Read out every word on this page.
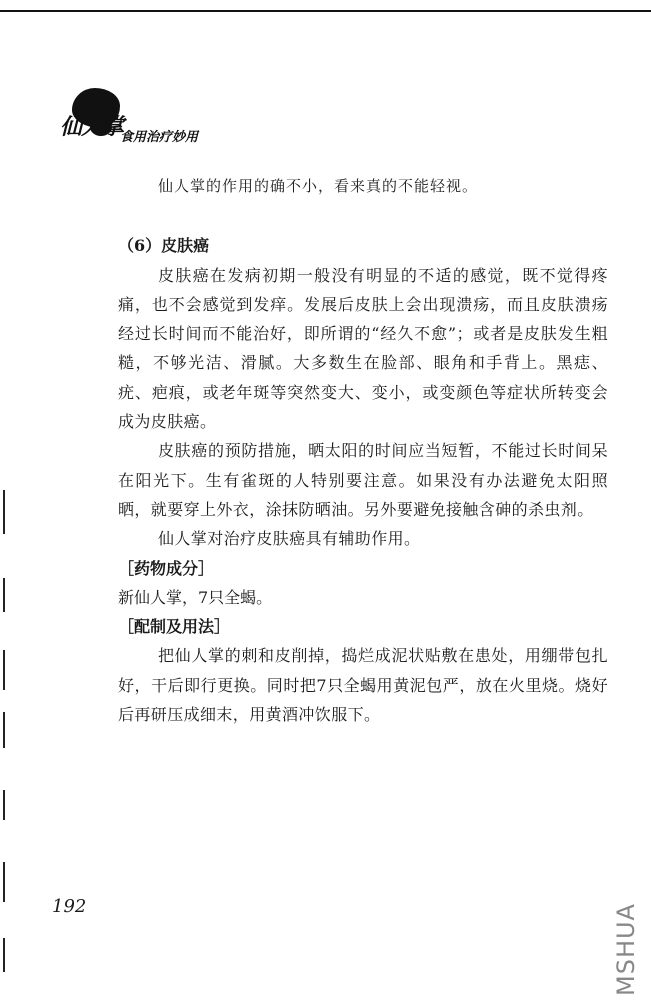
仙人掌
食用治疗妙用

仙人掌的作用的确不小，看来真的不能轻视。

（6）皮肤癌

皮肤癌在发病初期一般没有明显的不适的感觉，既不觉得疼痛，也不会感觉到发痒。发展后皮肤上会出现溃疡，而且皮肤溃疡经过长时间而不能治好，即所谓的“经久不愈”；或者是皮肤发生粗糙，不够光洁、滑腻。大多数生在脸部、眼角和手背上。黑痣、疣、疤痕，或老年斑等突然变大、变小，或变颜色等症状所转变会成为皮肤癌。

皮肤癌的预防措施，晒太阳的时间应当短暂，不能过长时间呆在阳光下。生有雀斑的人特别要注意。如果没有办法避免太阳照晒，就要穿上外衣，涂抹防晒油。另外要避免接触含砷的杀虫剂。

仙人掌对治疗皮肤癌具有辅助作用。

［药物成分］

新仙人掌，7只全蝎。

［配制及用法］

把仙人掌的刺和皮削掉，捣烂成泥状贴敷在患处，用绷带包扎好，干后即行更换。同时把7只全蝎用黄泥包严，放在火里烧。烧好后再研压成细末，用黄酒冲饮服下。

192	MSHUA
